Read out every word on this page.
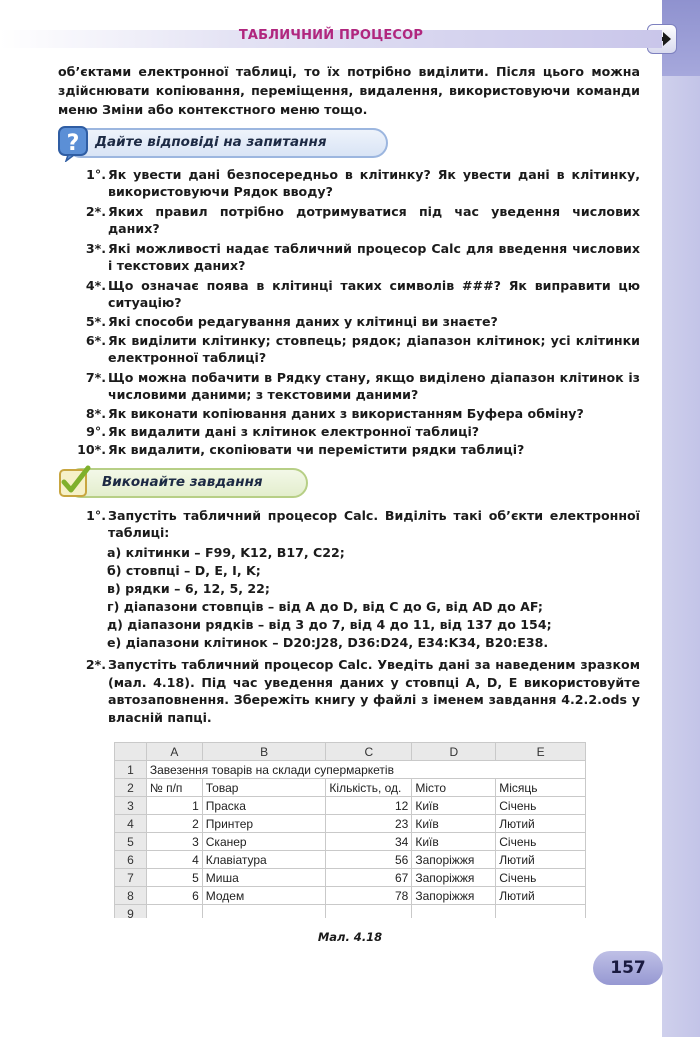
ТАБЛИЧНИЙ ПРОЦЕСОР
об’єктами електронної таблиці, то їх потрібно виділити. Після цього можна здійснювати копіювання, переміщення, видалення, використовуючи команди меню Зміни або контекстного меню тощо.
? Дайте відповіді на запитання
1°. Як увести дані безпосередньо в клітинку? Як увести дані в клітинку, використовуючи Рядок вводу?
2*. Яких правил потрібно дотримуватися під час уведення числових даних?
3*. Які можливості надає табличний процесор Calc для введення числових і текстових даних?
4*. Що означає поява в клітинці таких символів ###? Як виправити цю ситуацію?
5*. Які способи редагування даних у клітинці ви знаєте?
6*. Як виділити клітинку; стовпець; рядок; діапазон клітинок; усі клітинки електронної таблиці?
7*. Що можна побачити в Рядку стану, якщо виділено діапазон клітинок із числовими даними; з текстовими даними?
8*. Як виконати копіювання даних з використанням Буфера обміну?
9°. Як видалити дані з клітинок електронної таблиці?
10*. Як видалити, скопіювати чи перемістити рядки таблиці?
Виконайте завдання
1°. Запустіть табличний процесор Calc. Виділіть такі об’єкти електронної таблиці:
а) клітинки – F99, K12, B17, C22;
б) стовпці – D, E, I, K;
в) рядки – 6, 12, 5, 22;
г) діапазони стовпців – від А до D, від С до G, від AD до AF;
д) діапазони рядків – від 3 до 7, від 4 до 11, від 137 до 154;
е) діапазони клітинок – D20:J28, D36:D24, E34:K34, B20:E38.
2*. Запустіть табличний процесор Calc. Уведіть дані за наведеним зразком (мал. 4.18). Під час уведення даних у стовпці A, D, E використовуйте автозаповнення. Збережіть книгу у файлі з іменем завдання 4.2.2.ods у власній папці.
	A	B	C	D	E
1	Завезення товарів на склади супермаркетів				
2	№ п/п	Товар	Кількість, од.	Місто	Місяць
3	1	Праска	12	Київ	Січень
4	2	Принтер	23	Київ	Лютий
5	3	Сканер	34	Київ	Січень
6	4	Клавіатура	56	Запоріжжя	Лютий
7	5	Миша	67	Запоріжжя	Січень
8	6	Модем	78	Запоріжжя	Лютий
9					
Мал. 4.18
157
